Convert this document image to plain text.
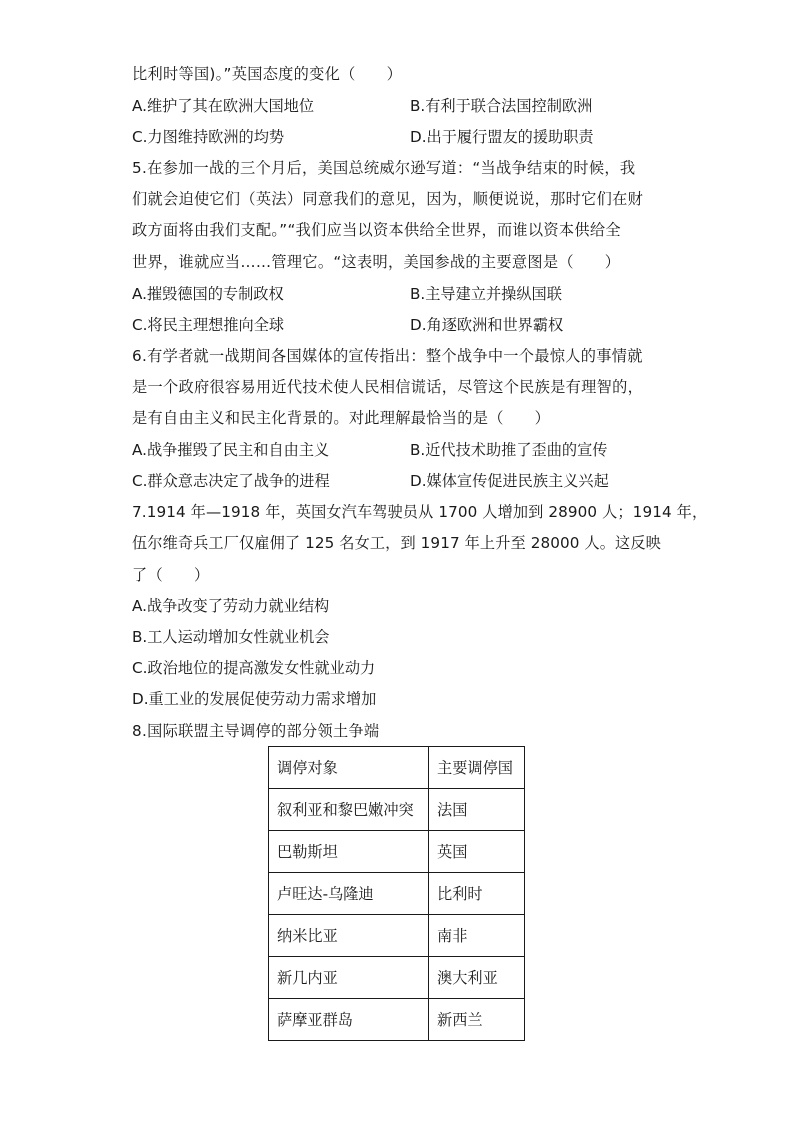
比利时等国)。”英国态度的变化（　　）
A.维护了其在欧洲大国地位	B.有利于联合法国控制欧洲
C.力图维持欧洲的均势	D.出于履行盟友的援助职责
5.在参加一战的三个月后，美国总统威尔逊写道：“当战争结束的时候，我
们就会迫使它们（英法）同意我们的意见，因为，顺便说说，那时它们在财
政方面将由我们支配。”“我们应当以资本供给全世界，而谁以资本供给全
世界，谁就应当……管理它。“这表明，美国参战的主要意图是（　　）
A.摧毁德国的专制政权	B.主导建立并操纵国联
C.将民主理想推向全球	D.角逐欧洲和世界霸权
6.有学者就一战期间各国媒体的宣传指出：整个战争中一个最惊人的事情就
是一个政府很容易用近代技术使人民相信谎话，尽管这个民族是有理智的，
是有自由主义和民主化背景的。对此理解最恰当的是（　　）
A.战争摧毁了民主和自由主义	B.近代技术助推了歪曲的宣传
C.群众意志决定了战争的进程	D.媒体宣传促进民族主义兴起
7.1914 年—1918 年，英国女汽车驾驶员从 1700 人增加到 28900 人；1914 年，
伍尔维奇兵工厂仅雇佣了 125 名女工，到 1917 年上升至 28000 人。这反映
了（　　）
A.战争改变了劳动力就业结构
B.工人运动增加女性就业机会
C.政治地位的提高激发女性就业动力
D.重工业的发展促使劳动力需求增加
8.国际联盟主导调停的部分领土争端
调停对象	主要调停国
叙利亚和黎巴嫩冲突	法国
巴勒斯坦	英国
卢旺达-乌隆迪	比利时
纳米比亚	南非
新几内亚	澳大利亚
萨摩亚群岛	新西兰
